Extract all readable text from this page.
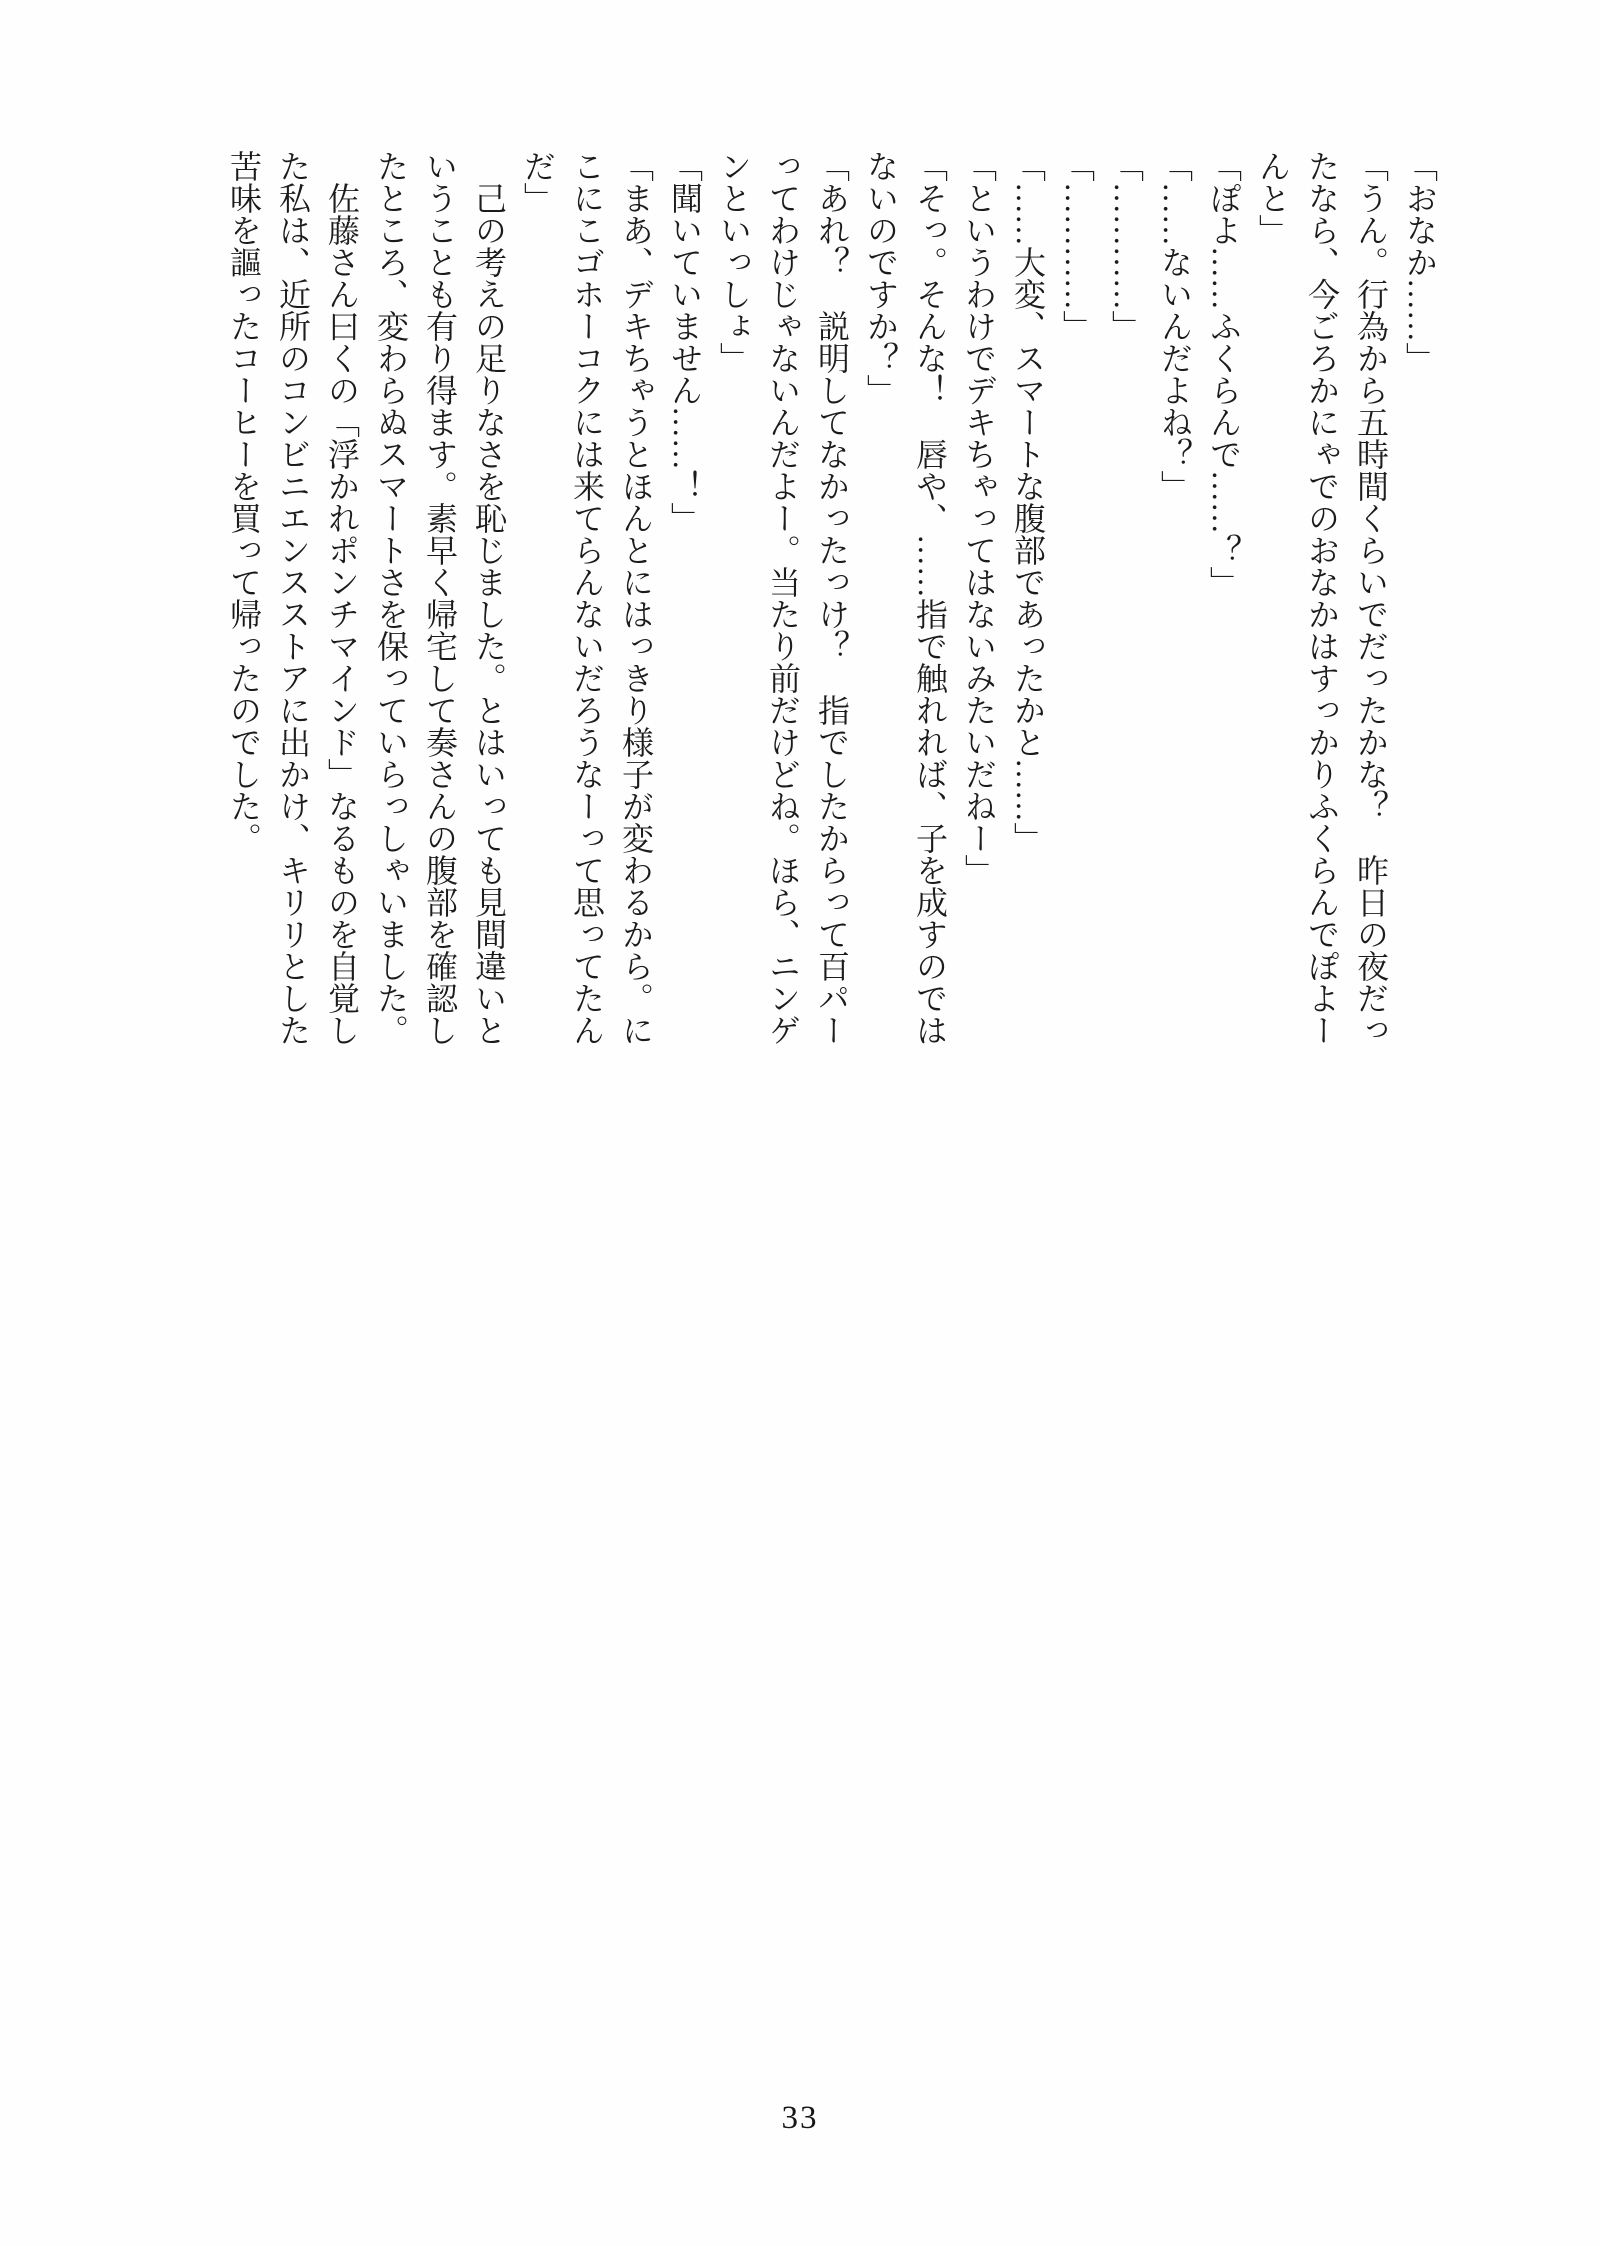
「おなか……」
「うん。行為から五時間くらいでだったかな？　昨日の夜だっ
たなら、今ごろかにゃでのおなかはすっかりふくらんでぽよー
んと」
「ぽよ……ふくらんで……？」
「……ないんだよね？」
「…………」
「…………」
「……大変、スマートな腹部であったかと……」
「というわけでデキちゃってはないみたいだねー」
「そっ。そんな！　唇や、……指で触れれば、子を成すのでは
ないのですか？」
「あれ？　説明してなかったっけ？　指でしたからって百パー
ってわけじゃないんだよー。当たり前だけどね。ほら、ニンゲ
ンといっしょ」
「聞いていません……！」
「まあ、デキちゃうとほんとにはっきり様子が変わるから。に
こにこゴホーコクには来てらんないだろうなーって思ってたん
だ」
　己の考えの足りなさを恥じました。とはいっても見間違いと
いうことも有り得ます。素早く帰宅して奏さんの腹部を確認し
たところ、変わらぬスマートさを保っていらっしゃいました。
　佐藤さん曰くの「浮かれポンチマインド」なるものを自覚し
た私は、近所のコンビニエンスストアに出かけ、キリリとした
苦味を謳ったコーヒーを買って帰ったのでした。
33
